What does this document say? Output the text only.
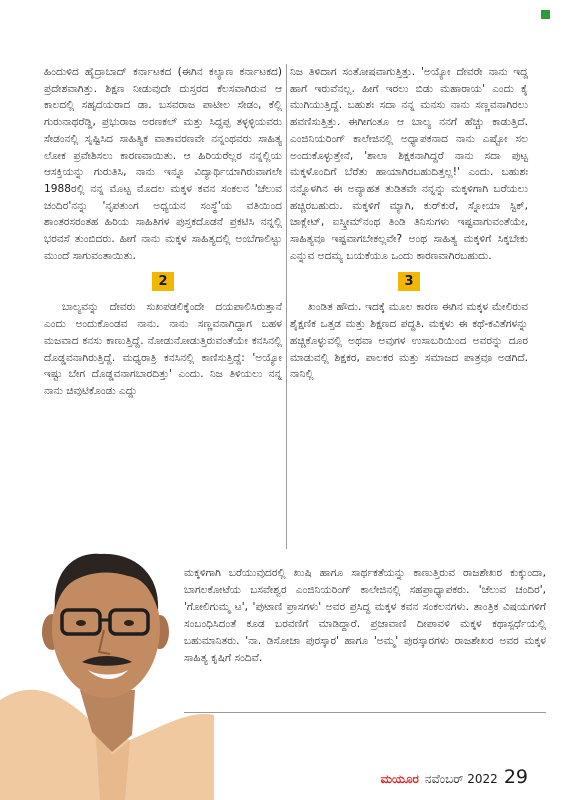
ಹಿಂದುಳಿದ ಹೈದ್ರಾಬಾದ್ ಕರ್ನಾಟಕದ (ಈಗಿನ ಕಲ್ಯಾಣ ಕರ್ನಾಟಕದ) ಪ್ರದೇಶವಾಗಿತ್ತು. ಶಿಕ್ಷಣ ನೀಡುವುದೇ ದುಸ್ತರದ ಕೆಲಸವಾಗಿರುವ ಆ ಕಾಲದಲ್ಲಿ ಸಹೃದಯರಾದ ಡಾ. ಬಸವರಾಜ ಪಾಟೀಲ ಸೇಡಂ, ಕೆಲ್ಲಿ ಗುರುನಾಥರೆಡ್ಡಿ, ಪ್ರಭುರಾಜ ಅರಣಕಲ್ ಮತ್ತು ಸಿದ್ದಪ್ಪ ತಳ್ಳಳ್ಳಿಯವರು ಸೇಡಂನಲ್ಲಿ ಸೃಷ್ಟಿಸಿದ ಸಾಹಿತ್ಯಿಕ ವಾತಾವರಣವೇ ನನ್ನಂಥವರು ಸಾಹಿತ್ಯ ಲೋಕ ಪ್ರವೇಶಿಸಲು ಕಾರಣವಾಯಿತು. ಆ ಹಿರಿಯರೆಲ್ಲರ ನನ್ನಲ್ಲಿಯ ಆಸಕ್ತಿಯನ್ನು ಗುರುತಿಸಿ, ನಾನು ಇನ್ನೂ ವಿದ್ಯಾರ್ಥಿಯಾಗಿರುವಾಗಲೇ 1988ರಲ್ಲಿ ನನ್ನ ಮೊಟ್ಟ ಮೊದಲ ಮಕ್ಕಳ ಕವನ ಸಂಕಲನ 'ಚೆಲುವ ಚಂದಿರ'ನನ್ನು 'ನೃಪತುಂಗ ಅಧ್ಯಯನ ಸಂಸ್ಥೆ'ಯ ವತಿಯಿಂದ ಶಾಂತರಸರಂತಹ ಹಿರಿಯ ಸಾಹಿತಿಗಳ ಪುಸ್ತಕದೊಡನೆ ಪ್ರಕಟಿಸಿ ನನ್ನಲ್ಲಿ ಭರವಸೆ ತುಂಬಿದರು. ಹೀಗೆ ನಾನು ಮಕ್ಕಳ ಸಾಹಿತ್ಯದಲ್ಲಿ ಅಂಬೆಗಾಲಿಟ್ಟು ಮುಂದೆ ಸಾಗುವಂತಾಯಿತು.

2

ಬಾಲ್ಯವನ್ನು ದೇವರು ಸುಖಪಡಲಿಕ್ಕೆಂದೇ ದಯಪಾಲಿಸಿರುತ್ತಾನೆ ಎಂದು ಅಂದುಕೊಂಡವ ನಾನು. ನಾನು ಸಣ್ಣವನಾಗಿದ್ದಾಗ ಬಹಳ ಮಜವಾದ ಕನಸು ಕಾಣುತ್ತಿದ್ದೆ. ನೋಡುನೋಡುತ್ತಿರುವಂತೆಯೇ ಕನಸಿನಲ್ಲಿ ದೊಡ್ಡವನಾಗಿರುತ್ತಿದ್ದೆ. ಮಧ್ಯರಾತ್ರಿ ಕನಸಿನಲ್ಲಿ ಕಾಣಿಸುತ್ತಿದ್ದೆ: 'ಅಯ್ಯೋ ಇಷ್ಟು ಬೇಗ ದೊಡ್ಡವನಾಗಬಾರದಿತ್ತು' ಎಂದು. ನಿಜ ತಿಳಿಯಲು ನನ್ನ ನಾನು ಚಿವುಟಿಕೊಂಡು ಎದ್ದು

ನಿಜ ತಿಳಿದಾಗ ಸಂತೋಷವಾಗುತ್ತಿತ್ತು. 'ಅಯ್ಯೋ ದೇವರೇ ನಾನು ಇದ್ದ ಹಾಗೆ ಇರುವೆನಲ್ಲ. ಹೀಗೆ ಇರಲು ಬಿಡು ಮಹಾರಾಯ' ಎಂದು ಕೈ ಮುಗಿಯುತ್ತಿದ್ದೆ. ಬಹುಶಃ ಸದಾ ನನ್ನ ಮನಸು ನಾನು ಸಣ್ಣವನಾಗಿರಲು ಹವಣಿಸುತ್ತಿತ್ತು. ಈಗೀಗಂತೂ ಆ ಬಾಲ್ಯ ನನಗೆ ಹೆಚ್ಚು ಕಾಡುತ್ತಿದೆ. ಎಂಜಿನಿಯರಿಂಗ್ ಕಾಲೇಜಿನಲ್ಲಿ ಅಧ್ಯಾಪಕನಾದ ನಾನು ಎಷ್ಟೋ ಸಲ ಅಂದುಕೊಳ್ಳುತ್ತೇನೆ, 'ಶಾಲಾ ಶಿಕ್ಷಕನಾಗಿದ್ದರೆ ನಾನು ಸದಾ ಪುಟ್ಟ ಮಕ್ಕಳೊಂದಿಗೆ ಬೆರೆತು ಹಾಯಾಗಿರಬಹುದಿತ್ತಲ್ಲ!' ಎಂದು. ಬಹುಶಃ ನನ್ನೊಳಗಿನ ಈ ಅವ್ಯಾಹತ ತುಡಿತವೇ ನನ್ನನ್ನು ಮಕ್ಕಳಿಗಾಗಿ ಬರೆಯಲು ಹಚ್ಚಿರಬಹುದು. ಮಕ್ಕಳಿಗೆ ಮ್ಯಾಗಿ, ಕುರ್‌ಕುರೆ, ಸ್ನೋಯಾ ಸ್ಟಿಕ್, ಚಾಕ್ಲೇಟ್, ಐಸ್ಕ್ರೀಮ್‌ನಂಥ ತಿಂಡಿ ತಿನಿಸುಗಳು ಇಷ್ಟವಾಗುವಂತೆಯೇ, ಸಾಹಿತ್ಯವೂ ಇಷ್ಟವಾಗಬೇಕಲ್ಲವೇ? ಅಂಥ ಸಾಹಿತ್ಯ ಮಕ್ಕಳಿಗೆ ಸಿಕ್ಕಬೇಕು ಎನ್ನುವ ಅದಮ್ಯ ಬಯಕೆಯೂ ಒಂದು ಕಾರಣವಾಗಿರಬಹುದು.

3

ಖಂಡಿತ ಹೌದು. ಇದಕ್ಕೆ ಮೂಲ ಕಾರಣ ಈಗಿನ ಮಕ್ಕಳ ಮೇಲಿರುವ ಶೈಕ್ಷಣಿಕ ಒತ್ತಡ ಮತ್ತು ಶಿಕ್ಷಣದ ಪದ್ಧತಿ. ಮಕ್ಕಳು ಈ ಕಥೆ-ಕವಿತೆಗಳನ್ನು ಹಚ್ಚಿಕೊಳ್ಳುವಲ್ಲಿ ಅಥವಾ ಅವುಗಳ ಉಸಾಬರಿಯಿಂದ ಅವರನ್ನು ದೂರ ಮಾಡುವಲ್ಲಿ ಶಿಕ್ಷಕರ, ಪಾಲಕರ ಮತ್ತು ಸಮಾಜದ ಪಾತ್ರವೂ ಅಡಗಿದೆ. ನಾನಿಲ್ಲಿ

ಮಕ್ಕಳಿಗಾಗಿ ಬರೆಯುವುದರಲ್ಲಿ ಖುಷಿ ಹಾಗೂ ಸಾರ್ಥಕತೆಯನ್ನು ಕಾಣುತ್ತಿರುವ ರಾಜಶೇಖರ ಕುಕ್ಕುಂದಾ, ಬಾಗಲಕೋಟೆಯ ಬಸವೇಶ್ವರ ಎಂಜಿನಿಯರಿಂಗ್ ಕಾಲೇಜಿನಲ್ಲಿ ಸಹಪ್ರಾಧ್ಯಾಪಕರು. 'ಚೆಲುವ ಚಂದಿರ', 'ಗೋಲಿಗುಮ್ಮ ಟ', 'ಪುಟಾಣಿ ಪ್ರಾಸಗಳು' ಅವರ ಪ್ರಸಿದ್ಧ ಮಕ್ಕಳ ಕವನ ಸಂಕಲನಗಳು. ತಾಂತ್ರಿಕ ವಿಷಯಗಳಿಗೆ ಸಂಬಂಧಿಸಿದಂತೆ ಕೂಡ ಬರವಣಿಗೆ ಮಾಡಿದ್ದಾರೆ. ಪ್ರಜಾವಾಣಿ ದೀಪಾವಳಿ ಮಕ್ಕಳ ಕಥಾಸ್ಪರ್ಧೆಯಲ್ಲಿ ಬಹುಮಾನಿತರು. 'ನಾ. ಡಿಸೋಜಾ ಪುರಸ್ಕಾರ' ಹಾಗೂ 'ಅಮ್ಮ' ಪುರಸ್ಕಾರಗಳು ರಾಜಶೇಖರ ಅವರ ಮಕ್ಕಳ ಸಾಹಿತ್ಯ ಕೃಷಿಗೆ ಸಂದಿವೆ.

ಮಯೂರ ನವೆಂಬರ್ 2022 29
